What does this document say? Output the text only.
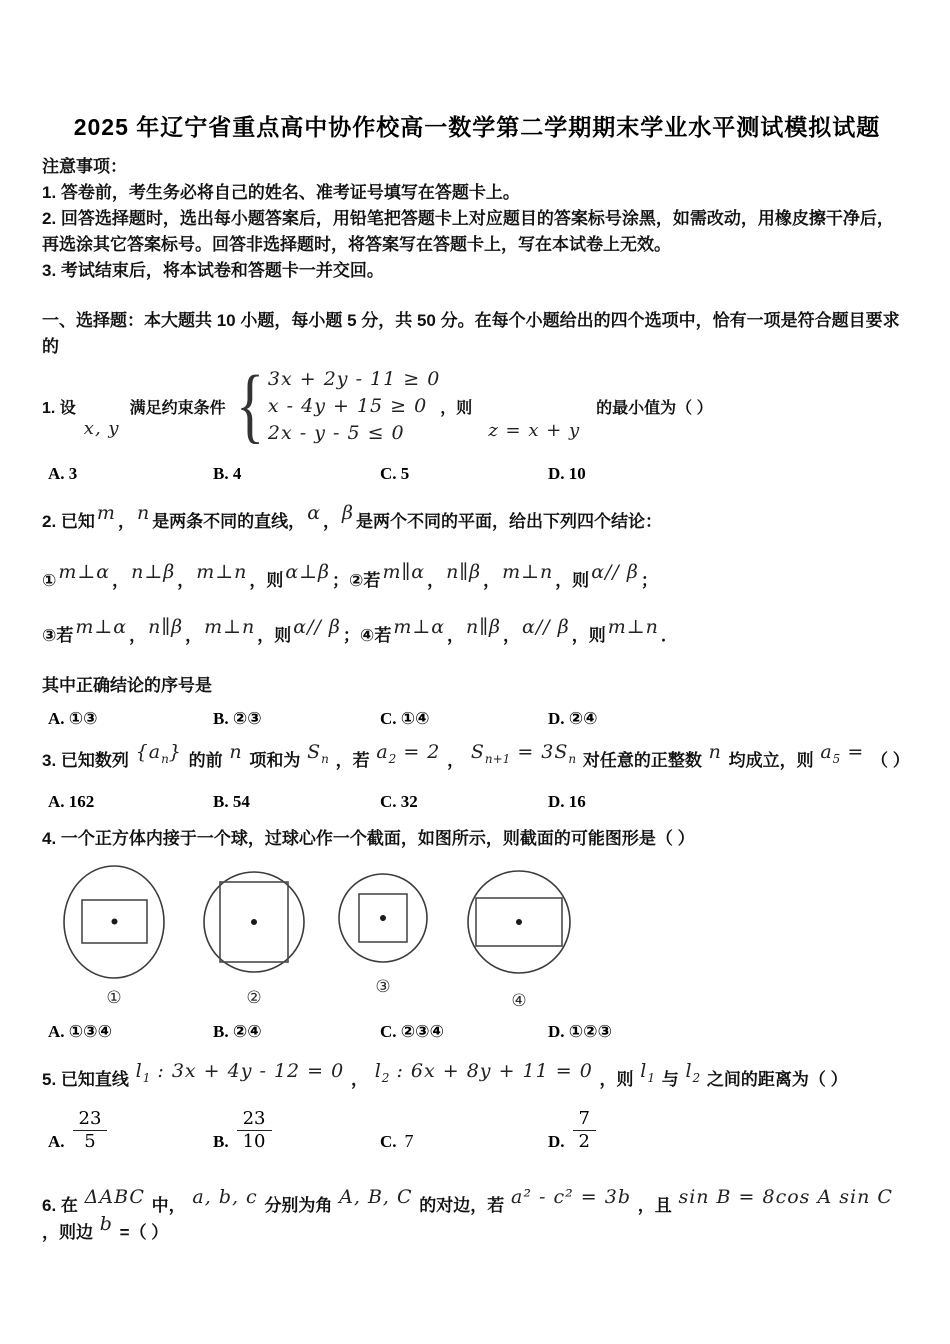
2025 年辽宁省重点高中协作校高一数学第二学期期末学业水平测试模拟试题

注意事项：

1. 答卷前，考生务必将自己的姓名、准考证号填写在答题卡上。

2. 回答选择题时，选出每小题答案后，用铅笔把答题卡上对应题目的答案标号涂黑，如需改动，用橡皮擦干净后，

再选涂其它答案标号。回答非选择题时，将答案写在答题卡上，写在本试卷上无效。

3. 考试结束后，将本试卷和答题卡一并交回。

一、选择题：本大题共 10 小题，每小题 5 分，共 50 分。在每个小题给出的四个选项中，恰有一项是符合题目要求的

1. 设
x, y
满足约束条件 { 3x + 2y - 11 ≥ 0
x - 4y + 15 ≥ 0
2x - y - 5 ≤ 0
，则
z = x + y
的最小值为（ ）
A. 3	B. 4	C. 5	D. 10

2. 已知 m ， n 是两条不同的直线， α ， β 是两个不同的平面，给出下列四个结论：

① m⊥α ， n⊥β ， m⊥n ，则 α⊥β ；②若 m∥α ， n∥β ， m⊥n ，则 α// β ；

③若 m⊥α ， n∥β ， m⊥n ，则 α// β ；④若 m⊥α ， n∥β ， α// β ，则 m⊥n ．

其中正确结论的序号是

A. ①③	B. ②③	C. ①④	D. ②④

3. 已知数列 $\{a_n\}$ 的前 n 项和为 $S_n$ ，若 $a_2 = 2$ ， $S_{n+1} = 3S_n$ 对任意的正整数 n 均成立，则 $a_5$ = （ ）

A. 162	B. 54	C. 32	D. 16

4. 一个正方体内接于一个球，过球心作一个截面，如图所示，则截面的可能图形是（ ）

①	②
③
④
A. ①③④	B. ②④	C. ②③④	D. ①②③

5. 已知直线 $l_1$ : 3x + 4y - 12 = 0 ， $l_2$ : 6x + 8y + 11 = 0 ，则 $l_1$ 与 $l_2$ 之间的距离为（ ）

A. $\frac{23}{5}$	B. $\frac{23}{10}$	C. 7	D. $\frac{7}{2}$

6. 在 ΔABC 中， a, b, c 分别为角 A, B, C 的对边，若 a² - c² = 3b ，且 sin B = 8cos A sin C ，则边 b =（ ）
